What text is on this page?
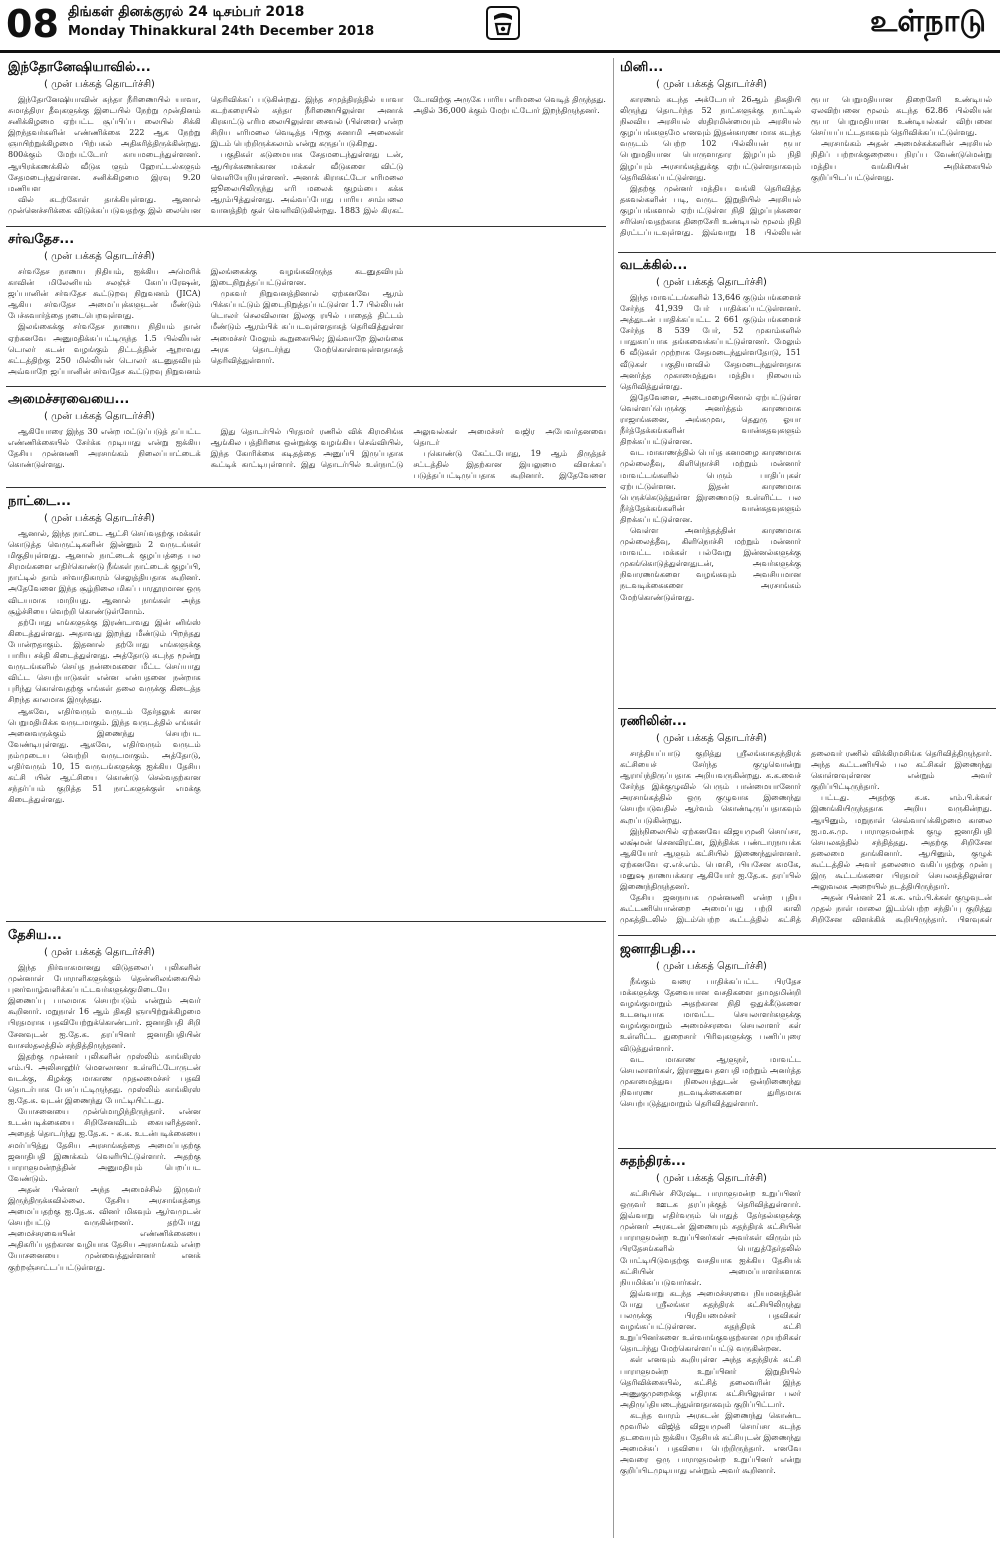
08 திங்கள் தினக்குரல் 24 டிசம்பர் 2018
Monday Thinakkural 24th December 2018	உள்நாடு
இந்தோனேஷியாவில்...
( முன் பக்கத் தொடர்ச்சி)

இந்தோனேஷியாவின் சுந்தா நீரிணையில் யாவா, சுமாத்திரா தீவுகளுக்கு இடையில் நேற்று முன்தினம் சனிக்கிழமை ஏற்பட்ட சூப்பிப்ப லையில் சிக்கி இறந்தவர்களின் எண்ணிக்கை 222 ஆக நேற்று ஞாயிற்றுக்கிழமை பிற்பகல் அதிகரித்திருக்கின்றது. 800க்கும் மேற்பட்டோர் காயமடைந்துள்ளனர். ஆயிரக்கணக்கில் வீடுக ளும் ஹோட்டல்களும் சேதமடைந்துள்ளன. சனிக்கிழமை இரவு 9.20 மணியள

வில் கடற்கோள் தாக்கியுள்ளது. ஆனால் முன்னெச்சரிக்கை விடுக்கப்படுவதற்கு இல் லையென தெரிவிக்கப் படுகின்றது. இந்த சமுத்திரத்தில் யாவா கடற்கரையில் சுந்தா நீரிணையிலுள்ள அனாக் கிரகாட்டு எரிம லையிலுள்ள சைவல் (பிள்ளை) என்ற சிறிய எரிமலை வெடித்த பிறகு சுனாமி அலைகள் இடம் பெற்றிருக்கலாம் என்று கருதப்படுகிறது.

பகுதிகள் கடுமையாக சேதமடைந்துள்ளது டன், ஆயிரக்கணக்கான மக்கள் வீடுகளை விட்டு வெளியேறியுள்ளனர். அனாக் கிராகட்டோ எரிமலை ஜூலையிலிருந்து எரி மலைக் குழம்பை கக்க ஆரம்பித்துள்ளது. அவ்வப்போது பாரிய சாம்பலை வானத்திற் குள் வெளிவிடுகின்றது. 1883 இல் கிரகட் டோவிற்கு அருகே பாரிய எரிமலை வெடித் திருந்தது. அதில் 36,000 க்கும் மேற்பட்டோர் இறந்திருந்தனர்.

சர்வதேச...
( முன் பக்கத் தொடர்ச்சி)

சர்வதேச நாணய நிதியம், ஐக்கிய அமெரிக் காவின் மிலேனியம் சலஞ்ச் கோப்பரேஷன், ஜப்பானின் சர்வதேச கூட்டுறவு நிறுவனம் (JICA) ஆகிய சர்வதேச அமைப்புக்களுடன் மீண்டும் பேச்சுவார்த்தை நடைபெறவுள்ளது.

இலங்கைக்கு சர்வதேச நாணய நிதியம் தான் ஏற்கனவே அனுமதிக்கப்பட்டிருந்த 1.5 பில்லியன் டொலர் கடன் வழங்கும் திட்டத்தின் ஆறாவது கட்டத்திற்கு 250 மில்லியன் டொலர் கடனுதவியும் அவ்வாறே ஜப்பானின் சர்வதேச கூட்டுறவு நிறுவனம் இலங்கைக்கு வழங்கவிருந்த கடனுதவியும் இடைநிறுத்தப்பட்டுள்ளன.

முகவர் நிறுவனத்தினால் ஏற்கனவே ஆரம் பிக்கப்பட்டும் இடைநிறுத்தப்பட்டுள்ள 1.7 பில்லியன் டொலர் செலவிலான இலகு ரயில் பாதைத் திட்டம் மீண்டும் ஆரம்பிக் கப்படவுள்ளதாகத் தெரிவித்துள்ள அமைச்சர் மேலும் கூறுகையில்; இவ்வாறே இலங்கை அரசு தொடர்ந்து மேற்கொள்ளவுள்ளதாகத் தெரிவித்துள்ளார்.

அமைச்சரவையை...
( முன் பக்கத் தொடர்ச்சி)

ஆகியோரை இந்த 30 என்ற மட்டுப்படுத் தப்பட்ட எண்ணிக்கையில் சேர்க்க முடியாது என்று ஐக்கிய தேசிய முன்னணி அரசாங்கம் நிலைப்பாட்டைக் கொண்டுள்ளது.

இது தொடர்பில் பிரதமர் ரணில் விக் கிரமசிங்க ஆங்கில பத்திரிகை ஒன்றுக்கு வழங்கிய செவ்வியில், இந்த கோரிக்கை கடிதத்தை அனுப்பி இருப்பதாக கூட்டிக் காட்டியுள்ளார். இது தொடர்பில் உள்நாட்டு அலுவல்கள் அமைச்சர் வஜிர அபேவர்தனவை தொடர்

புகொண்டு கேட்டபோது, 19 ஆம் திருத்தச் சட்டத்தில் இதற்கான இயலுமை விளக்கப் படுத்தப்பட்டிருப்பதாக கூறினார். இதேவேளை

நாட்டை...
( முன் பக்கத் தொடர்ச்சி)

ஆனால், இந்த நாட்டை ஆட்சி செய்வதற்கு மக்கள் கொடுத்த வெருட்டிகளின் இன்னும் 2 வருடங்கள் மிகுதியுள்ளது. ஆனால் நாட்டைக் குழப்பத்தை பல சிரமங்களை எதிர்கொண்டு நீங்கள் நாட்டைக் குழப்பி, நாட்டில் தாம் சர்வாதிகாரம் செலுத்தியதாக கூறினர். அதேவேளை இந்த சூழ்நிலை மிகப் பாரதூரமான ஒரு விடயமாக மாறியது. ஆனால் நாங்கள் அந்த சூழ்ச்சியை வெற்றி கொண்டுள்ளோம்.

தற்போது எங்களுக்கு இரண்டாவது இன் னிங்ஸ் கிடைத்துள்ளது. அதாவது இறந்து மீண்டும் பிறந்தது போன்றதாகும். இதனால் தற்போது எங்களுக்கு பாரிய சக்தி கிடைத்துள்ளது. அத்தோடு கடந்த மூன்று வருடங்களில் செய்த நன்மைகளை மீட்ட செய்யாது விட்ட செயற்பாடுகள் என்ன என்பதனை நன்றாக புரிந்து கொள்வதற்கு எங்கள் தலை வருக்கு கிடைத்த சிறந்த காலமாக இருந்தது.

ஆகவே, எதிர்வரும் வருடம் தேர்தலுக் கான பெறுமதிமிக்க வருடமாகும். இந்த வருடத்தில் எங்கள் அனைவருக்கும் இணைந்து செயற்பட வேண்டியுள்ளது. ஆகவே, எதிர்வரும் வருடம் நம்முடைய வெற்றி வருடமாகும். அத்தோடு, எதிர்வரும் 10, 15 வருடங்களுக்கு ஐக்கிய தேசிய கட்சி யின் ஆட்சியை கொண்டு செல்வதற்கான சந்தர்ப்பம் குறித்த 51 நாட்களுக்குள் எமக்கு கிடைத்துள்ளது.

தேசிய...
( முன் பக்கத் தொடர்ச்சி)

இந்த நிர்வாகமானது விடுதலைப் புலிகளின் முன்னாள் போராளிகளுக்கும் தென்னிலங்கையில் புனர்வாழ்வளிக்கப்பட்டவர்களுக்குமிடையே இணைப்பு பாலமாக செயற்படும் என்றும் அவர் கூறினார். மறுநாள் 16 ஆம் திகதி ஞாயிற்றுக்கிழமை பிரதமராக பதவியேற்றுக்கொண்டார். ஜனாதிபதி சிறி சேனவுடன் ஐ.தே.க. தரப்பினர் ஜனாதிபதியின் வாசஸ்தலத்தில் சந்தித்திருந்தனர்.

இதற்கு முன்னர் புலிகளின் முஸ்லிம் காங்கிரஸ் எம்.பி. அலிசாஹிர் மௌலானா உள்ளிட்டோருடன் வடக்கு, கிழக்கு மாகாண முதலமைச்சர் பதவி தொடர்பாக பேசப்பட்டிருந்தது. முஸ்லிம் காங்கிரஸ் ஐ.தே.க. வுடன் இணைந்து போட்டியிட்டது.

யோசனையை முன்மொழிந்திருந்தார். என்ன உடன்படிக்கையை சிறிசேனவிடம் கையளித்தனர். அதைத் தொடர்ந்து ஐ.தே.க. - சு.க. உடன்படிக்கையை சமர்ப்பித்து தேசிய அரசாங்கத்தை அமைப்பதற்கு ஜனாதிபதி இணக்கம் வெளியிட்டுள்ளார். அதற்கு பாராளுமன்றத்தின் அனுமதியும் பெறப்பட வேண்டும்.

அதன் பின்னர் அந்த அமைச்சில் இருவர் இருந்திருக்கவில்லை. தேசிய அரசாங்கத்தை அமைப்பதற்கு ஐ.தே.க. வினர் மிகவும் ஆர்வமுடன் செயற்பட்டு வருகின்றனர். தற்போது அமைச்சரவையின் எண்ணிக்கையை அதிகரிப்பதற்கான வழியாக தேசிய அரசாங்கம் என்ற யோசனையை முன்வைத்துள்ளனர் எனக் குற்றஞ்சாட்டப்பட்டுள்ளது.

மினி...
( முன் பக்கத் தொடர்ச்சி)

காரணம் கடந்த அக்டோபர் 26ஆம் திகதியி லிருந்து தொடர்ந்த 52 நாட்களுக்கு நாட்டில் நிலவிய அரசியல் ஸ்திரமின்மையும் அரசியல் குழப்பங்களுமே எனவும் இதன்காரண மாக கடந்த வருடம் பெற்ற 102 பில்லியன் ரூபா பெறுமதியான பொருளாதார இழப்பும் நிதி இழப்பும் அரசாங்கத்துக்கு ஏற்பட்டுள்ளதாகவும் தெரிவிக்கப்பட்டுள்ளது.

இதற்கு முன்னர் மத்திய வங்கி தெரிவித்த தகவல்களின் படி, வருட இறுதியில் அரசியல் குழப்பங்களால் ஏற்பட்டுள்ள நிதி இழப்புக்களை சரிசெய்வதற்காக திறைசேரி உண்டியல் மூலம் நிதி திரட்டப்படவுள்ளது. இவ்வாறு 18 பில்லியன் ரூபா பெறுமதியான திறைசேரி உண்டியல் ஏலவிற்பனை மூலம் கடந்த 62.86 பில்லியன் ரூபா பெறுமதியான உண்டியல்கள் விற்பனை செய்யப்பட்டதாகவும் தெரிவிக்கப்பட்டுள்ளது.

அரசாங்கம் அதன் அமைச்சுக்களின் அரசியல் நிதிப் பற்றாக்குறையை நிரப்ப வேண்டுமென்று மத்திய வங்கியின் அறிக்கையில் குறிப்பிடப்பட்டுள்ளது.

வடக்கில்...
( முன் பக்கத் தொடர்ச்சி)

இந்த மாவட்டங்களில் 13,646 குடும்பங்களைச் சேர்ந்த 41,939 பேர் பாதிக்கப்பட்டுள்ளனர். அத்துடன் பாதிக்கப்பட்ட 2 661 குடும்பங்களைச் சேர்ந்த 8 539 பேர், 52 முகாம்களில் பாதுகாப்பாக தங்கவைக்கப்பட்டுள்ளனர். மேலும் 6 வீடுகள் முற்றாக சேதமடைந்துள்ளதோடு, 151 வீடுகள் பகுதியளவில் சேதமடைந்துள்ளதாக அனர்த்த முகாமைத்துவ மத்திய நிலையம் தெரிவித்துள்ளது.

இதேவேளை, அடைமழையினால் ஏற்பட்டுள்ள வெள்ளப்பெருக்கு அனர்த்தம் காரணமாக ராஜாங்கனை, அங்கமுவ, தெதுரு ஓயா நீர்த்தேக்கங்களின் வான்கதவுகளும் திறக்கப்பட்டுள்ளன.

வட மாகாணத்தில் பெய்த கனமழை காரணமாக முல்லைதீவு, கிளிநொச்சி மற்றும் மன்னார் மாவட்டங்களில் பெரும் பாதிப்புகள் ஏற்பட்டுள்ளன. இதன் காரணமாக பெருக்கெடுத்துள்ள இரணைமடு உள்ளிட்ட பல நீர்த்தேக்கங்களின் வான்கதவுகளும் திறக்கப்பட்டுள்ளன.

வெள்ள அனர்த்தத்தின் காரணமாக முல்லைத்தீவு, கிளிநொச்சி மற்றும் மன்னார் மாவட்ட மக்கள் பல்வேறு இன்னல்களுக்கு முகங்கொடுத்துள்ளதுடன், அவர்களுக்கு நிவாரணங்களை வழங்கவும் அவசியமான நடவடிக்கைகளை அரசாங்கம் மேற்கொண்டுள்ளது.

ரணிலின்...
( முன் பக்கத் தொடர்ச்சி)

சாத்தியப்பாடு குறித்து ஸ்ரீலங்காசுதந்திரக் கட்சியைச் சேர்ந்த குழுவொன்று ஆராய்ந்திருப்பதாக அறியவருகின்றது. சு.க.வைச் சேர்ந்த இக்குழுவில் பெரும் பான்மையானோர் அரசாங்கத்தில் ஒரு குழுவாக இணைந்து செயற்படுவதில் ஆர்வம் கொண்டிருப்பதாகவும் கூறப்படுகின்றது.

இந்நிலையில் ஏற்கனவே விஜயமுனி சொய்சா, லக்ஷ்மன் செனவிரட்ன, இந்திக்க பண்டாரநாயக்க ஆகியோர் ஆளும் கட்சியில் இணைந்துள்ளனர். ஏற்கனவே ஏ.எச்.எம். பௌசி, பியசேன கமகே, மனுஷ நாணயக்கார ஆகியோர் ஐ.தே.க. தரப்பில் இணைந்திருந்தனர்.

தேசிய ஜனநாயக முன்னணி என்ற புதிய கூட்டணியொன்றை அமைப்பது பற்றி காலி முகத்திடலில் இடம்பெற்ற கூட்டத்தில் கட்சித் தலைவர் ரணில் விக்கிரமசிங்க தெரிவித்திருந்தார். அந்த கூட்டணியில் பல கட்சிகள் இணைந்து கொள்ளவுள்ளன என்றும் அவர் குறிப்பிட்டிருந்தார்.

பட்டது. அதற்கு சு.க. எம்.பி.க்கள் இணங்கியிருந்ததாக அறிய வருகின்றது. ஆயினும், மறுநாள் செவ்வாய்க்கிழமை காலை ஐ.ம.சு.மு. பாராளுமன்றக் குழு ஜனாதிபதி செயலகத்தில் சந்தித்தது. அதற்கு சிறிசேன தலைமை தாங்கினார். ஆயினும், குழுக் கூட்டத்தில் அவர் தலைமை வகிப்பதற்கு முன்பு இரு கூட்டங்களை பிரதமர் செயலகத்திலுள்ள அலுவலக அறையில் நடத்தியிருந்தார்.

அதன் பின்னர் 21 க.க. எம்.பி.க்கள் குழுவுடன் முதல் நாள் மாலை இடம்பெற்ற சந்திப்பு குறித்து சிறிசேன விளக்கிக் கூறியிருந்தார். பிளவுகள்

ஜனாதிபதி...
( முன் பக்கத் தொடர்ச்சி)

நீங்கும் வரை பாதிக்கப்பட்ட பிரதேச மக்களுக்கு தேவையான வசதிகளை தாமதமின்றி வழங்குமாறும் அதற்கான நிதி ஒதுக்கீடுகளை உடனடியாக மாவட்ட செயலாளர்களுக்கு வழங்குமாறும் அமைச்சரவை செயலாளர் கள் உள்ளிட்ட துறைசார் பிரிவுகளுக்கு பணிப்புரை விடுத்துள்ளார்.

வட மாகாண ஆளுநர், மாவட்ட செயலாளர்கள், இராணுவ தளபதி மற்றும் அனர்த்த முகாமைத்துவ நிலையத்துடன் ஒன்றிணைந்து நிவாரண நடவடிக்கைகளை துரிதமாக செயற்படுத்துமாறும் தெரிவித்துள்ளார்.

சுதந்திரக்...
( முன் பக்கத் தொடர்ச்சி)

கட்சியின் சிரேஷ்ட பாராளுமன்ற உறுப்பினர் ஒருவர் ஊடக தரப்புக்குத் தெரிவித்துள்ளார். இவ்வாறு எதிர்வரும் பொதுத் தேர்தல்களுக்கு முன்னர் அரசுடன் இணையும் சுதந்திரக் கட்சியின் பாராளுமன்ற உறுப்பினர்கள் அவர்கள் விரும்பும் பிரதேசங்களில் பொதுத்தேர்தலில் போட்டியிடுவதற்கு வசதியாக ஐக்கிய தேசியக் கட்சியின் அமைப்பாளர்களாக நியமிக்கப்படுவார்கள்.

இவ்வாறு கடந்த அமைச்சரவை நியமனத்தின் போது ஸ்ரீலங்கா சுதந்திரக் கட்சியிலிருந்து பலருக்கு பிரதியமைச்சர் பதவிகள் வழங்கப்பட்டுள்ளன. சுதந்திரக் கட்சி உறுப்பினர்களை உள்வாங்குவதற்கான முயற்சிகள் தொடர்ந்து மேற்கொள்ளப்பட்டு வருகின்றன.

கள் எனவும் கூறியுள்ள அந்த சுதந்திரக் கட்சி பாராளுமன்ற உறுப்பினர் இறுதியில் தெரிவிக்கையில், கட்சித் தலைவரின் இந்த அணுகுமுறைக்கு எதிராக கட்சியிலுள்ள பலர் அதிருப்தியடைந்துள்ளதாகவும் குறிப்பிட்டார்.

கடந்த வாரம் அரசுடன் இணைந்து கொண்ட மூவரில் விஜித் விஜயமுனி சொய்சா கடந்த தடவையும் ஐக்கிய தேசியக் கட்சியுடன் இணைந்து அமைச்சுப் பதவியை பெற்றிருந்தார். எனவே அவரை ஒரு பாராளுமன்ற உறுப்பினர் என்று குறிப்பிடமுடியாது என்றும் அவர் கூறினார்.
